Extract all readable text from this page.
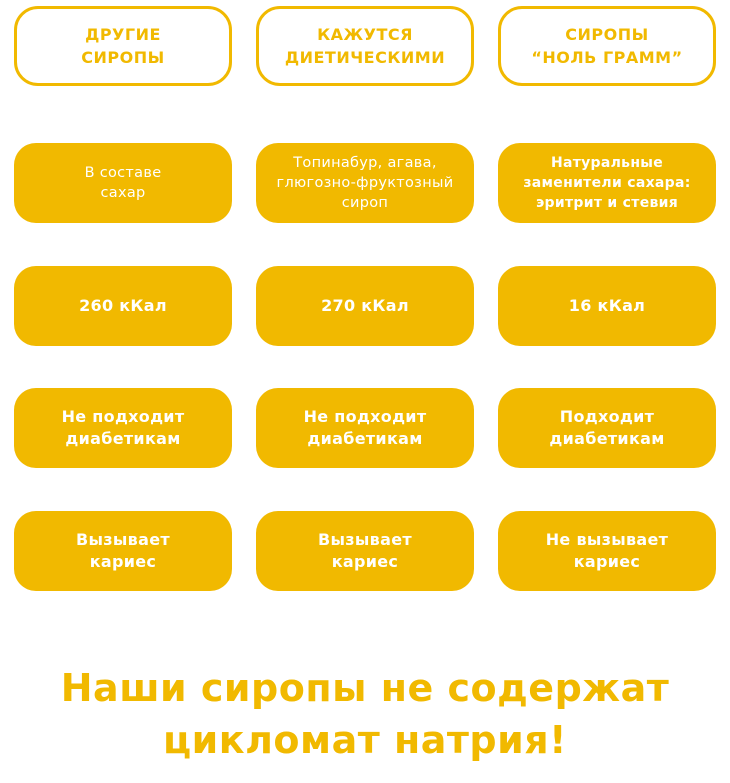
ДРУГИЕ
СИРОПЫ
КАЖУТСЯ
ДИЕТИЧЕСКИМИ
СИРОПЫ
“НОЛЬ ГРАММ”
В составе
сахар
Топинабур, агава,
глюгозно-фруктозный
сироп
Натуральные
заменители сахара:
эритрит и стевия
260 кКал	270 кКал	16 кКал
Не подходит
диабетикам
Не подходит
диабетикам
Подходит
диабетикам
Вызывает
кариес
Вызывает
кариес
Не вызывает
кариес
Наши сиропы не содержат
цикломат натрия!
